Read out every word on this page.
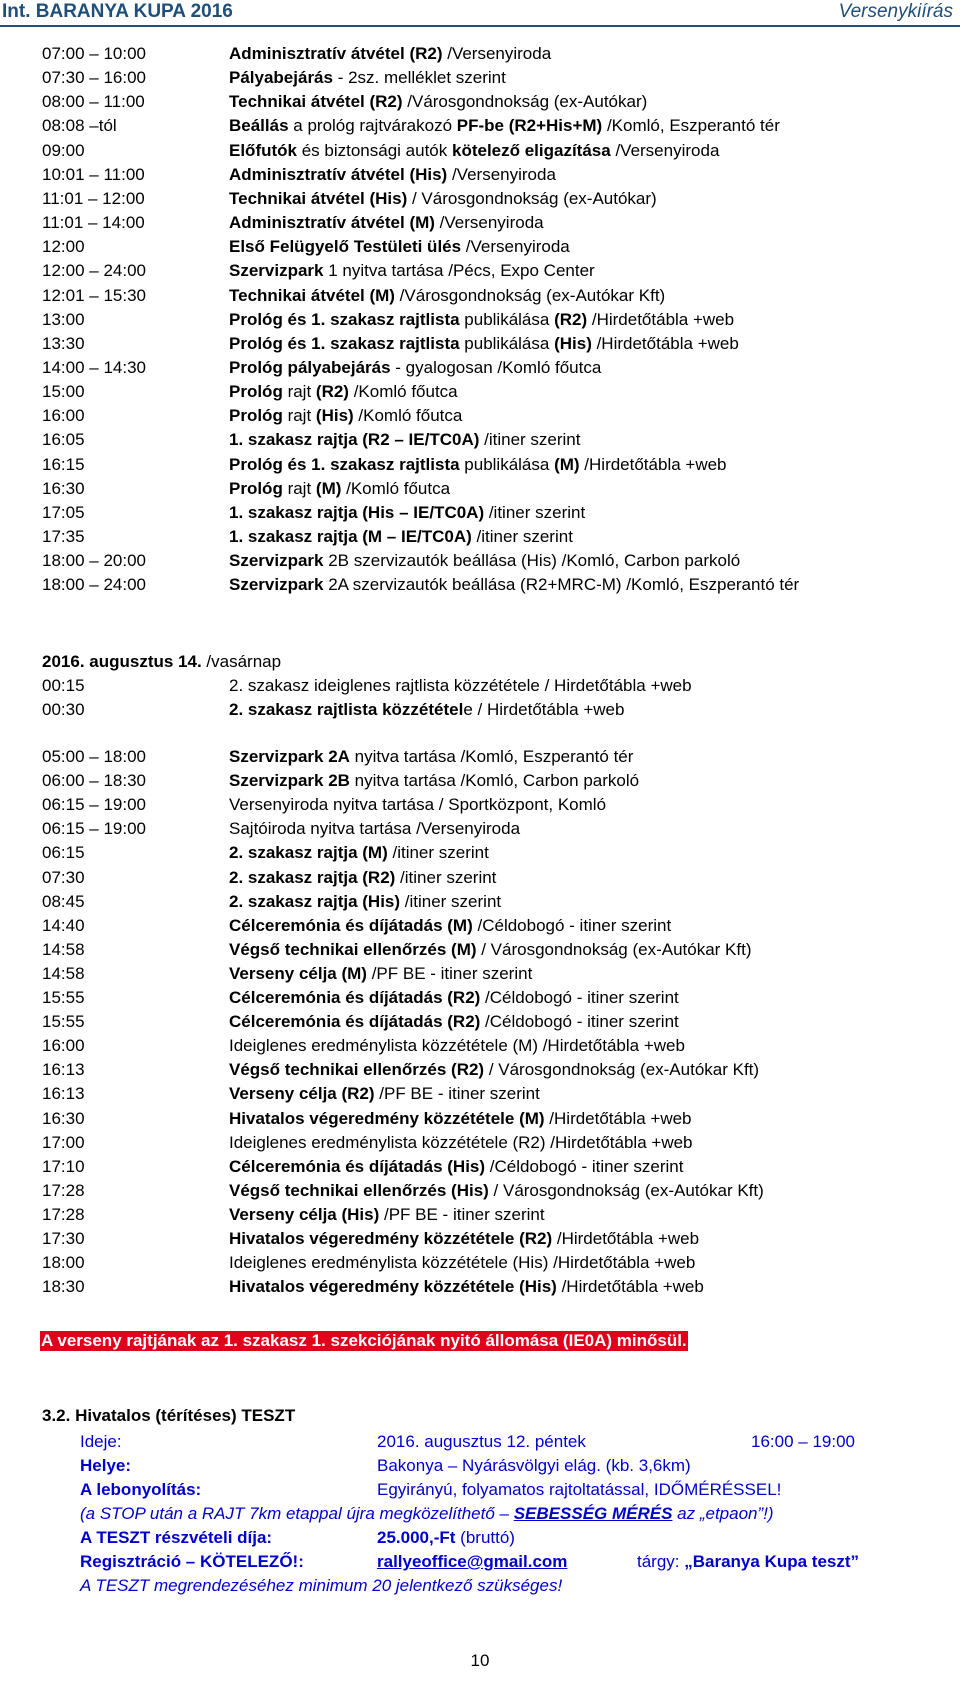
Int. BARANYA KUPA 2016	Versenykiírás
07:00 – 10:00	Adminisztratív átvétel (R2) /Versenyiroda
07:30 – 16:00	Pályabejárás - 2sz. melléklet szerint
08:00 – 11:00	Technikai átvétel (R2) /Városgondnokság (ex-Autókar)
08:08 –tól	Beállás a prológ rajtvárakozó PF-be (R2+His+M) /Komló, Eszperantó tér
09:00	Előfutók és biztonsági autók kötelező eligazítása /Versenyiroda
10:01 – 11:00	Adminisztratív átvétel (His) /Versenyiroda
11:01 – 12:00	Technikai átvétel (His) / Városgondnokság (ex-Autókar)
11:01 – 14:00	Adminisztratív átvétel (M) /Versenyiroda
12:00	Első Felügyelő Testületi ülés /Versenyiroda
12:00 – 24:00	Szervizpark 1 nyitva tartása /Pécs, Expo Center
12:01 – 15:30	Technikai átvétel (M) /Városgondnokság (ex-Autókar Kft)
13:00	Prológ és 1. szakasz rajtlista publikálása (R2) /Hirdetőtábla +web
13:30	Prológ és 1. szakasz rajtlista publikálása (His) /Hirdetőtábla +web
14:00 – 14:30	Prológ pályabejárás - gyalogosan /Komló főutca
15:00	Prológ rajt (R2) /Komló főutca
16:00	Prológ rajt (His) /Komló főutca
16:05	1. szakasz rajtja (R2 – IE/TC0A) /itiner szerint
16:15	Prológ és 1. szakasz rajtlista publikálása (M) /Hirdetőtábla +web
16:30	Prológ rajt (M) /Komló főutca
17:05	1. szakasz rajtja (His – IE/TC0A) /itiner szerint
17:35	1. szakasz rajtja (M – IE/TC0A) /itiner szerint
18:00 – 20:00	Szervizpark 2B szervizautók beállása (His) /Komló, Carbon parkoló
18:00 – 24:00	Szervizpark 2A szervizautók beállása (R2+MRC-M) /Komló, Eszperantó tér
2016. augusztus 14. /vasárnap
00:15	2. szakasz ideiglenes rajtlista közzététele / Hirdetőtábla +web
00:30	2. szakasz rajtlista közzététele / Hirdetőtábla +web
05:00 – 18:00	Szervizpark 2A nyitva tartása /Komló, Eszperantó tér
06:00 – 18:30	Szervizpark 2B nyitva tartása /Komló, Carbon parkoló
06:15 – 19:00	Versenyiroda nyitva tartása / Sportközpont, Komló
06:15 – 19:00	Sajtóiroda nyitva tartása /Versenyiroda
06:15	2. szakasz rajtja (M) /itiner szerint
07:30	2. szakasz rajtja (R2) /itiner szerint
08:45	2. szakasz rajtja (His) /itiner szerint
14:40	Célceremónia és díjátadás (M) /Céldobogó - itiner szerint
14:58	Végső technikai ellenőrzés (M) / Városgondnokság (ex-Autókar Kft)
14:58	Verseny célja (M) /PF BE - itiner szerint
15:55	Célceremónia és díjátadás (R2) /Céldobogó - itiner szerint
15:55	Célceremónia és díjátadás (R2) /Céldobogó - itiner szerint
16:00	Ideiglenes eredménylista közzététele (M) /Hirdetőtábla +web
16:13	Végső technikai ellenőrzés (R2) / Városgondnokság (ex-Autókar Kft)
16:13	Verseny célja (R2) /PF BE - itiner szerint
16:30	Hivatalos végeredmény közzététele (M) /Hirdetőtábla +web
17:00	Ideiglenes eredménylista közzététele (R2) /Hirdetőtábla +web
17:10	Célceremónia és díjátadás (His) /Céldobogó - itiner szerint
17:28	Végső technikai ellenőrzés (His) / Városgondnokság (ex-Autókar Kft)
17:28	Verseny célja (His) /PF BE - itiner szerint
17:30	Hivatalos végeredmény közzététele (R2) /Hirdetőtábla +web
18:00	Ideiglenes eredménylista közzététele (His) /Hirdetőtábla +web
18:30	Hivatalos végeredmény közzététele (His) /Hirdetőtábla +web
A verseny rajtjának az 1. szakasz 1. szekciójának nyitó állomása (IE0A) minősül.
3.2. Hivatalos (térítéses) TESZT
Ideje:	2016. augusztus 12. péntek	16:00 – 19:00
Helye:	Bakonya – Nyárásvölgyi elág. (kb. 3,6km)
A lebonyolítás:	Egyirányú, folyamatos rajtoltatással, IDŐMÉRÉSSEL!
(a STOP után a RAJT 7km etappal újra megközelíthető – SEBESSÉG MÉRÉS az „etpaon”!)
A TESZT részvételi díja:	25.000,-Ft (bruttó)
Regisztráció – KÖTELEZŐ!:	rallyeoffice@gmail.com	tárgy: „Baranya Kupa teszt”
A TESZT megrendezéséhez minimum 20 jelentkező szükséges!
10
